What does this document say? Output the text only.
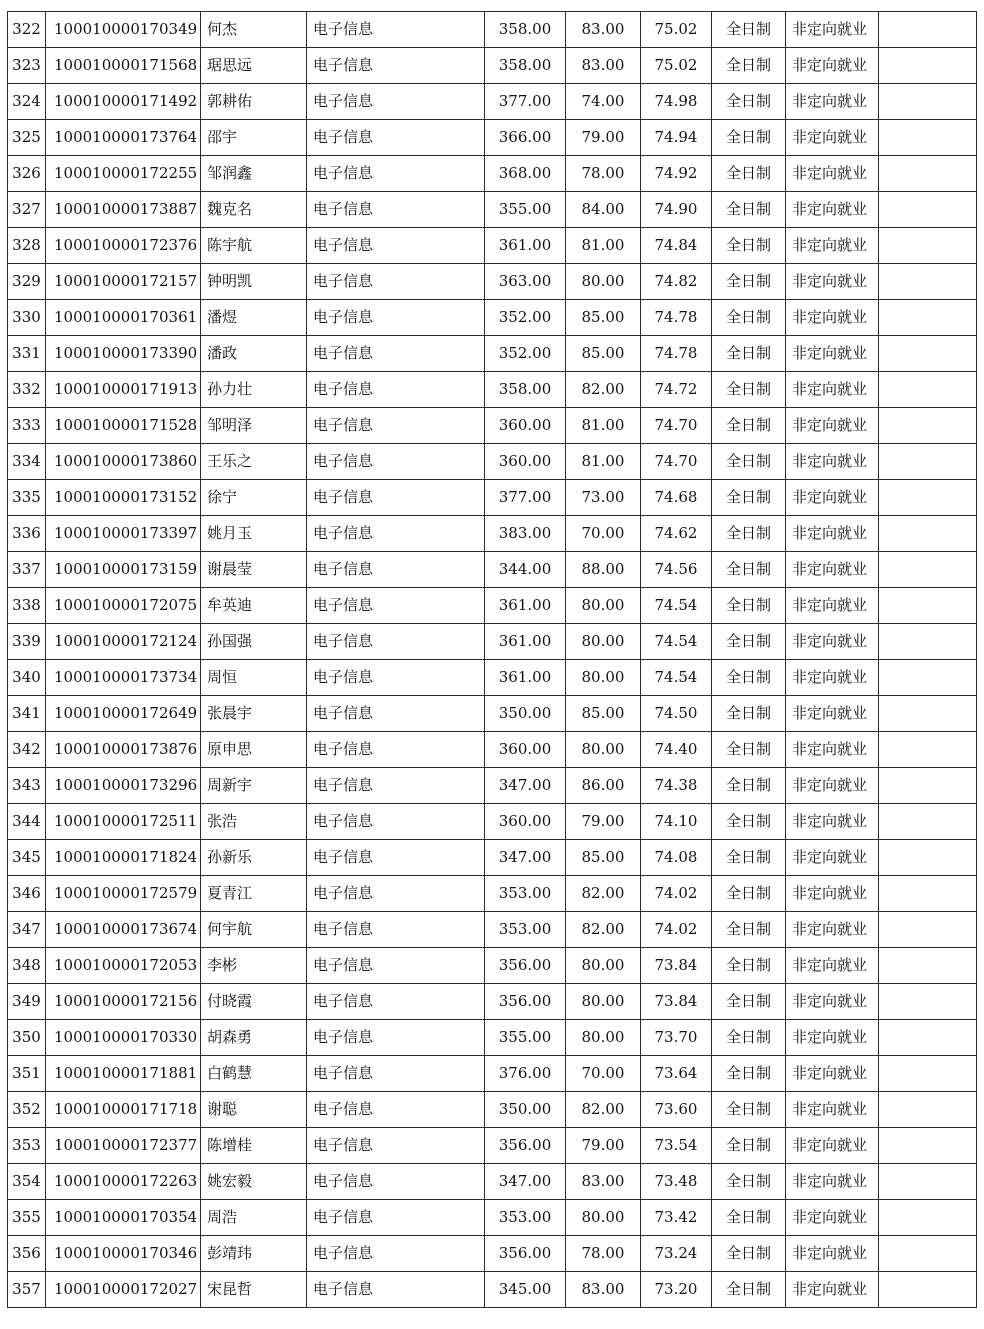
322	100010000170349	何杰	电子信息	358.00	83.00	75.02	全日制	非定向就业	
323	100010000171568	琚思远	电子信息	358.00	83.00	75.02	全日制	非定向就业	
324	100010000171492	郭耕佑	电子信息	377.00	74.00	74.98	全日制	非定向就业	
325	100010000173764	邵宇	电子信息	366.00	79.00	74.94	全日制	非定向就业	
326	100010000172255	邹润鑫	电子信息	368.00	78.00	74.92	全日制	非定向就业	
327	100010000173887	魏克名	电子信息	355.00	84.00	74.90	全日制	非定向就业	
328	100010000172376	陈宇航	电子信息	361.00	81.00	74.84	全日制	非定向就业	
329	100010000172157	钟明凯	电子信息	363.00	80.00	74.82	全日制	非定向就业	
330	100010000170361	潘煜	电子信息	352.00	85.00	74.78	全日制	非定向就业	
331	100010000173390	潘政	电子信息	352.00	85.00	74.78	全日制	非定向就业	
332	100010000171913	孙力壮	电子信息	358.00	82.00	74.72	全日制	非定向就业	
333	100010000171528	邹明泽	电子信息	360.00	81.00	74.70	全日制	非定向就业	
334	100010000173860	王乐之	电子信息	360.00	81.00	74.70	全日制	非定向就业	
335	100010000173152	徐宁	电子信息	377.00	73.00	74.68	全日制	非定向就业	
336	100010000173397	姚月玉	电子信息	383.00	70.00	74.62	全日制	非定向就业	
337	100010000173159	谢晨莹	电子信息	344.00	88.00	74.56	全日制	非定向就业	
338	100010000172075	牟英迪	电子信息	361.00	80.00	74.54	全日制	非定向就业	
339	100010000172124	孙国强	电子信息	361.00	80.00	74.54	全日制	非定向就业	
340	100010000173734	周恒	电子信息	361.00	80.00	74.54	全日制	非定向就业	
341	100010000172649	张晨宇	电子信息	350.00	85.00	74.50	全日制	非定向就业	
342	100010000173876	原申思	电子信息	360.00	80.00	74.40	全日制	非定向就业	
343	100010000173296	周新宇	电子信息	347.00	86.00	74.38	全日制	非定向就业	
344	100010000172511	张浩	电子信息	360.00	79.00	74.10	全日制	非定向就业	
345	100010000171824	孙新乐	电子信息	347.00	85.00	74.08	全日制	非定向就业	
346	100010000172579	夏青江	电子信息	353.00	82.00	74.02	全日制	非定向就业	
347	100010000173674	何宇航	电子信息	353.00	82.00	74.02	全日制	非定向就业	
348	100010000172053	李彬	电子信息	356.00	80.00	73.84	全日制	非定向就业	
349	100010000172156	付晓霞	电子信息	356.00	80.00	73.84	全日制	非定向就业	
350	100010000170330	胡森勇	电子信息	355.00	80.00	73.70	全日制	非定向就业	
351	100010000171881	白鹤慧	电子信息	376.00	70.00	73.64	全日制	非定向就业	
352	100010000171718	谢聪	电子信息	350.00	82.00	73.60	全日制	非定向就业	
353	100010000172377	陈增桂	电子信息	356.00	79.00	73.54	全日制	非定向就业	
354	100010000172263	姚宏毅	电子信息	347.00	83.00	73.48	全日制	非定向就业	
355	100010000170354	周浩	电子信息	353.00	80.00	73.42	全日制	非定向就业	
356	100010000170346	彭靖玮	电子信息	356.00	78.00	73.24	全日制	非定向就业	
357	100010000172027	宋昆哲	电子信息	345.00	83.00	73.20	全日制	非定向就业	
